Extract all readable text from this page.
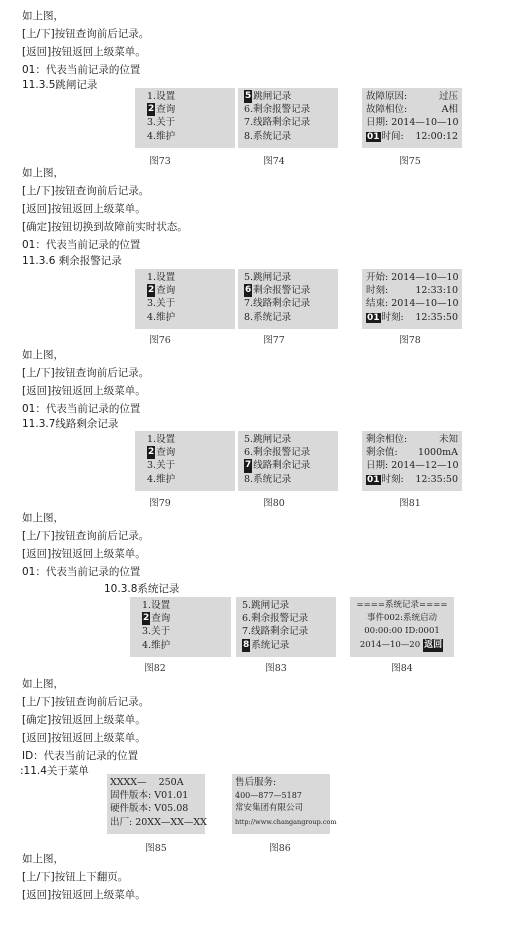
如上图，
[上/下]按钮查询前后记录。
[返回]按钮返回上级菜单。
01：代表当前记录的位置
11.3.5跳闸记录
1.设置
2 查询
3.关于
4.维护
图73
5 跳闸记录
6.剩余报警记录
7.线路剩余记录
8.系统记录
图74
故障原因:	过压
故障相位:	A相
日期: 2014—10—10
01 时间: 12:00:12
图75
如上图，
[上/下]按钮查询前后记录。
[返回]按钮返回上级菜单。
[确定]按钮切换到故障前实时状态。
01：代表当前记录的位置
11.3.6 剩余报警记录
1.设置
2 查询
3.关于
4.维护
图76
5.跳闸记录
6 剩余报警记录
7.线路剩余记录
8.系统记录
图77
开始: 2014—10—10
时刻:	12:33:10
结束: 2014—10—10
01 时刻: 12:35:50
图78
如上图，
[上/下]按钮查询前后记录。
[返回]按钮返回上级菜单。
01：代表当前记录的位置
11.3.7线路剩余记录
1.设置
2 查询
3.关于
4.维护
图79
5.跳闸记录
6.剩余报警记录
7 线路剩余记录
8.系统记录
图80
剩余相位:	未知
剩余值: 1000mA
日期: 2014—12—10
01 时刻: 12:35:50
图81
如上图，
[上/下]按钮查询前后记录。
[返回]按钮返回上级菜单。
01：代表当前记录的位置
10.3.8系统记录
1.设置
2 查询
3.关于
4.维护
图82
5.跳闸记录
6.剩余报警记录
7.线路剩余记录
8 系统记录
图83
====系统记录====
事件002:系统启动
00:00:00 ID:0001
2014—10—20 返回
图84
如上图，
[上/下]按钮查询前后记录。
[确定]按钮返回上级菜单。
[返回]按钮返回上级菜单。
ID：代表当前记录的位置
:11.4关于菜单
XXXX— 250A
固件版本: V01.01
硬件版本: V05.08
出厂: 20XX—XX—XX
图85
售后服务:
400—877—5187
常安集团有限公司
http://www.changangroup.com
图86
如上图，
[上/下]按钮上下翻页。
[返回]按钮返回上级菜单。
